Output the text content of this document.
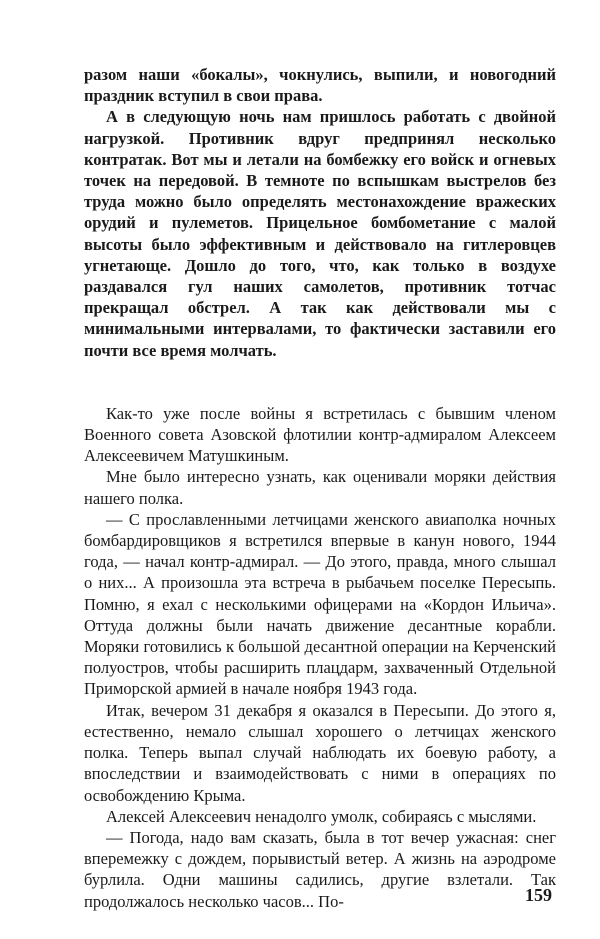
разом наши «бокалы», чокнулись, выпили, и новогодний праздник вступил в свои права.

А в следующую ночь нам пришлось работать с двойной нагрузкой. Противник вдруг предпринял несколько контратак. Вот мы и летали на бомбежку его войск и огневых точек на передовой. В темноте по вспышкам выстрелов без труда можно было определять местонахождение вражеских орудий и пулеметов. Прицельное бомбометание с малой высоты было эффективным и действовало на гитлеровцев угнетающе. Дошло до того, что, как только в воздухе раздавался гул наших самолетов, противник тотчас прекращал обстрел. А так как действовали мы с минимальными интервалами, то фактически заставили его почти все время молчать.

Как-то уже после войны я встретилась с бывшим членом Военного совета Азовской флотилии контр-адмиралом Алексеем Алексеевичем Матушкиным.

Мне было интересно узнать, как оценивали моряки действия нашего полка.

— С прославленными летчицами женского авиаполка ночных бомбардировщиков я встретился впервые в канун нового, 1944 года, — начал контр-адмирал. — До этого, правда, много слышал о них... А произошла эта встреча в рыбачьем поселке Пересыпь. Помню, я ехал с несколькими офицерами на «Кордон Ильича». Оттуда должны были начать движение десантные корабли. Моряки готовились к большой десантной операции на Керченский полуостров, чтобы расширить плацдарм, захваченный Отдельной Приморской армией в начале ноября 1943 года.

Итак, вечером 31 декабря я оказался в Пересыпи. До этого я, естественно, немало слышал хорошего о летчицах женского полка. Теперь выпал случай наблюдать их боевую работу, а впоследствии и взаимодействовать с ними в операциях по освобождению Крыма.

Алексей Алексеевич ненадолго умолк, собираясь с мыслями.

— Погода, надо вам сказать, была в тот вечер ужасная: снег вперемежку с дождем, порывистый ветер. А жизнь на аэродроме бурлила. Одни машины садились, другие взлетали. Так продолжалось несколько часов... По-	159
